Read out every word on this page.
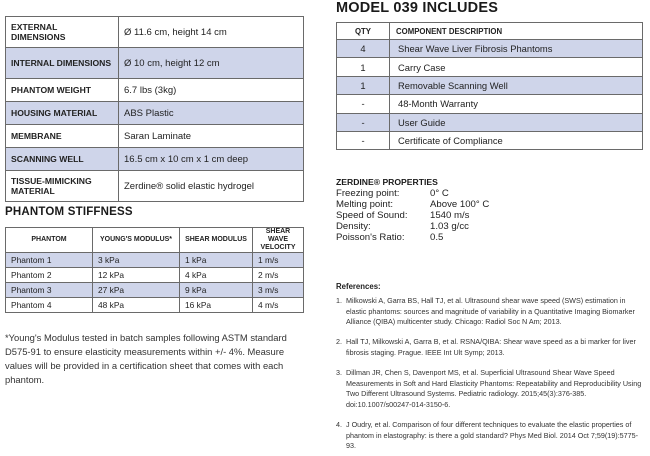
EXTERNAL DIMENSIONS	Ø 11.6 cm, height 14 cm
INTERNAL DIMENSIONS	Ø 10 cm, height 12 cm
PHANTOM WEIGHT	6.7 lbs (3kg)
HOUSING MATERIAL	ABS Plastic
MEMBRANE	Saran Laminate
SCANNING WELL	16.5 cm x 10 cm x 1 cm deep
TISSUE-MIMICKING MATERIAL	Zerdine® solid elastic hydrogel
PHANTOM STIFFNESS
PHANTOM	YOUNG'S MODULUS*	SHEAR MODULUS	SHEAR WAVE VELOCITY
Phantom 1	3 kPa	1 kPa	1 m/s
Phantom 2	12 kPa	4 kPa	2 m/s
Phantom 3	27 kPa	9 kPa	3 m/s
Phantom 4	48 kPa	16 kPa	4 m/s
*Young's Modulus tested in batch samples following ASTM standard D575-91 to ensure elasticity measurements within +/- 4%. Measure values will be provided in a certification sheet that comes with each phantom.
MODEL 039 INCLUDES
QTY	COMPONENT DESCRIPTION
4	Shear Wave Liver Fibrosis Phantoms
1	Carry Case
1	Removable Scanning Well
-	48-Month Warranty
-	User Guide
-	Certificate of Compliance
ZERDINE® PROPERTIES
Freezing point:	0° C
Melting point:	Above 100° C
Speed of Sound: 1540 m/s
Density:	1.03 g/cc
Poisson's Ratio:	0.5
References:
1. Milkowski A, Garra BS, Hall TJ, et al. Ultrasound shear wave speed (SWS) estimation in elastic phantoms: sources and magnitude of variability in a Quantitative Imaging Biomarker Alliance (QIBA) multicenter study. Chicago: Radiol Soc N Am; 2013.
2. Hall TJ, Milkowski A, Garra B, et al. RSNA/QIBA: Shear wave speed as a bi marker for liver fibrosis staging. Prague. IEEE Int Ult Symp; 2013.
3. Dillman JR, Chen S, Davenport MS, et al. Superficial Ultrasound Shear Wave Speed Measurements in Soft and Hard Elasticity Phantoms: Repeatability and Reproducibility Using Two Different Ultrasound Systems. Pediatric radiology. 2015;45(3):376-385. doi:10.1007/s00247-014-3150-6.
4. J Oudry, et al. Comparison of four different techniques to evaluate the elastic properties of phantom in elastography: is there a gold standard? Phys Med Biol. 2014 Oct 7;59(19):5775-93.
